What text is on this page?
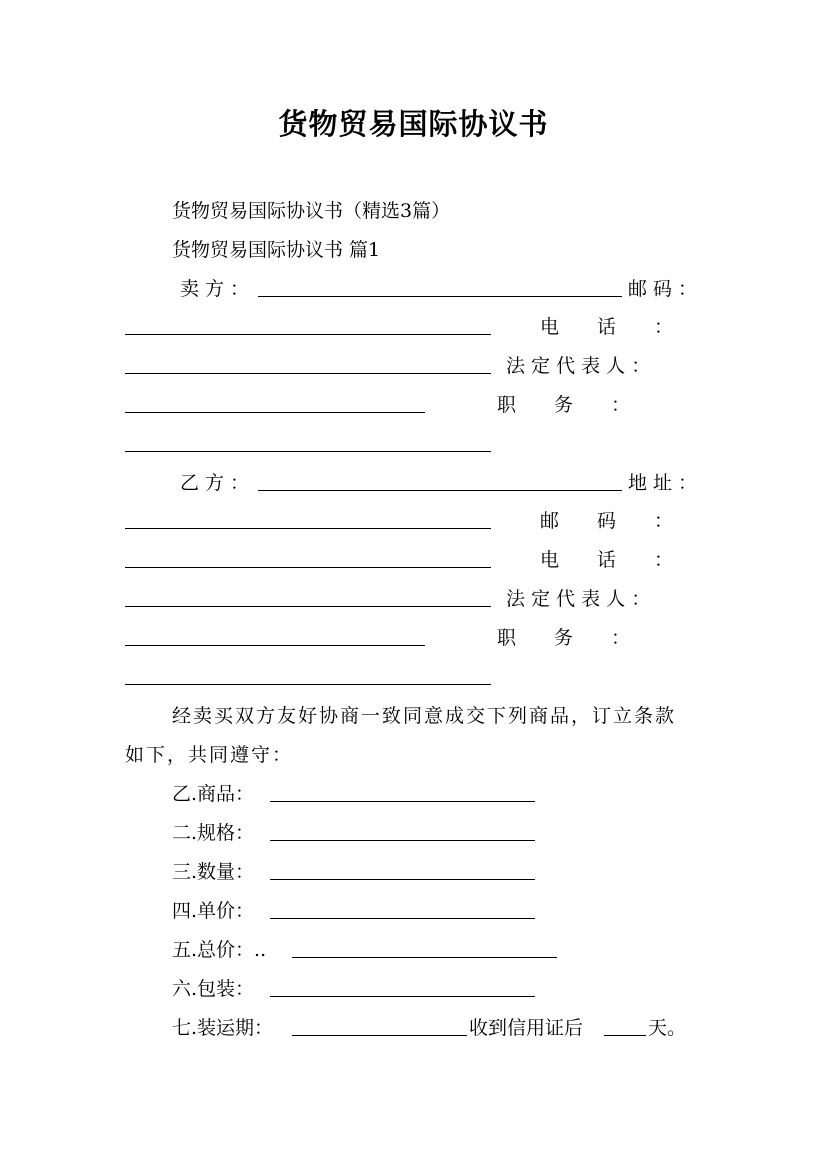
货物贸易国际协议书
货物贸易国际协议书（精选3篇）
货物贸易国际协议书 篇1
卖方：	邮码：
电　　话　　：
法 定 代 表 人 ：
职　　务　　：
乙方：	地址：
邮　　码　　：
电　　话　　：
法 定 代 表 人 ：
职　　务　　：
经卖买双方友好协商一致同意成交下列商品，订立条款
如下，共同遵守：
乙.商品：
二.规格：
三.数量：
四.单价：
五.总价：..
六.包装：
七.装运期：	收到信用证后	天。
